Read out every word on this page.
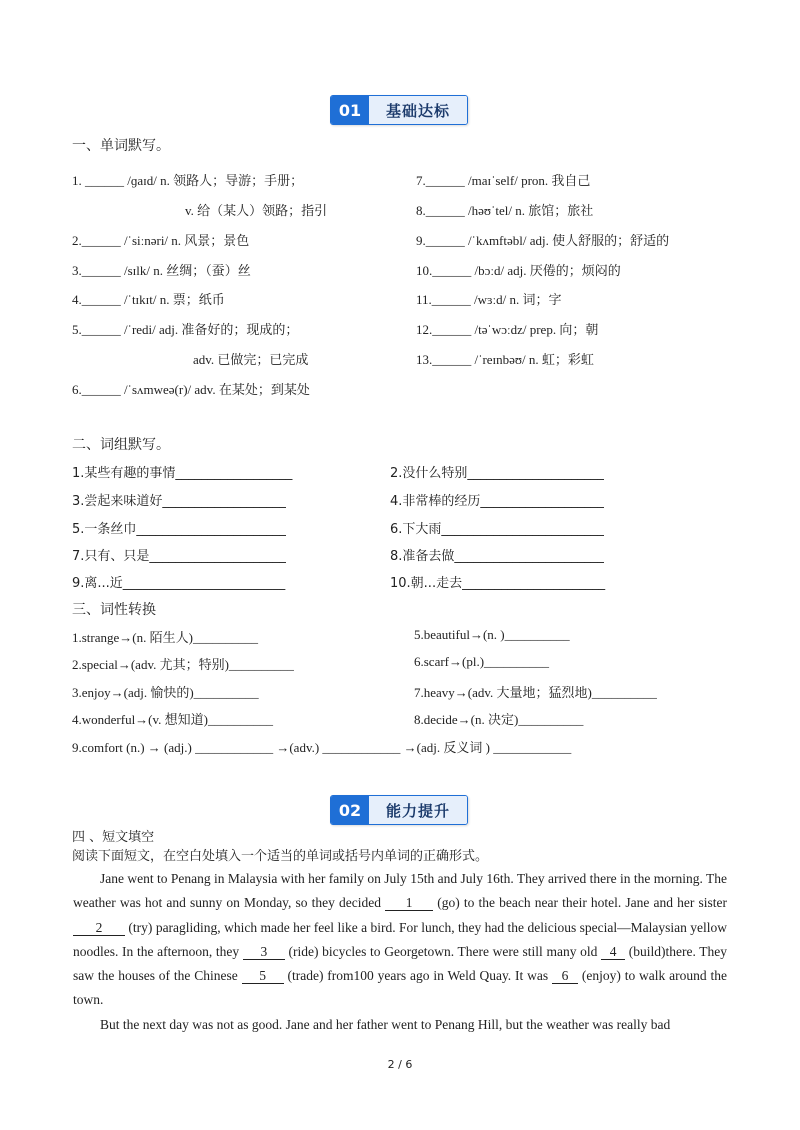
01	基础达标
一、单词默写。
1. ______ /ɡaɪd/ n. 领路人；导游；手册；
v. 给（某人）领路；指引
2.______ /ˈsiːnəri/ n. 风景；景色
3.______ /sɪlk/ n. 丝绸；（蚕）丝
4.______ /ˈtɪkɪt/ n. 票；纸币
5.______ /ˈredi/ adj. 准备好的；现成的；
adv. 已做完；已完成
6.______ /ˈsʌmweə(r)/ adv. 在某处；到某处
7.______ /maɪˈself/ pron. 我自己
8.______ /həʊˈtel/ n. 旅馆；旅社
9.______ /ˈkʌmftəbl/ adj. 使人舒服的；舒适的
10.______ /bɔːd/ adj. 厌倦的；烦闷的
11.______ /wɜːd/ n. 词；字
12.______ /təˈwɔːdz/ prep. 向；朝
13.______ /ˈreɪnbəʊ/ n. 虹；彩虹
二、词组默写。
1.某些有趣的事情__________________
3.尝起来味道好___________________
5.一条丝巾_______________________
7.只有、只是_____________________
9.离...近_________________________
2.没什么特别_____________________
4.非常棒的经历___________________
6.下大雨_________________________
8.准备去做_______________________
10.朝...走去______________________
三、词性转换
1.strange→(n. 陌生人)__________
2.special→(adv. 尤其；特别)__________
3.enjoy→(adj. 愉快的)__________
4.wonderful→(v. 想知道)__________
5.beautiful→(n. )__________
6.scarf→(pl.)__________
7.heavy→(adv. 大量地；猛烈地)__________
8.decide→(n. 决定)__________
9.comfort (n.) → (adj.) ____________ →(adv.) ____________ →(adj. 反义词 ) ____________
02	能力提升
四 、短文填空
阅读下面短文，在空白处填入一个适当的单词或括号内单词的正确形式。
Jane went to Penang in Malaysia with her family on July 15th and July 16th. They arrived there in the morning. The weather was hot and sunny on Monday, so they decided 1 (go) to the beach near their hotel. Jane and her sister 2 (try) paragliding, which made her feel like a bird. For lunch, they had the delicious special—Malaysian yellow noodles. In the afternoon, they 3 (ride) bicycles to Georgetown. There were still many old 4 (build)there. They saw the houses of the Chinese 5 (trade) from100 years ago in Weld Quay. It was 6 (enjoy) to walk around the town.
But the next day was not as good. Jane and her father went to Penang Hill, but the weather was really bad
2 / 6
